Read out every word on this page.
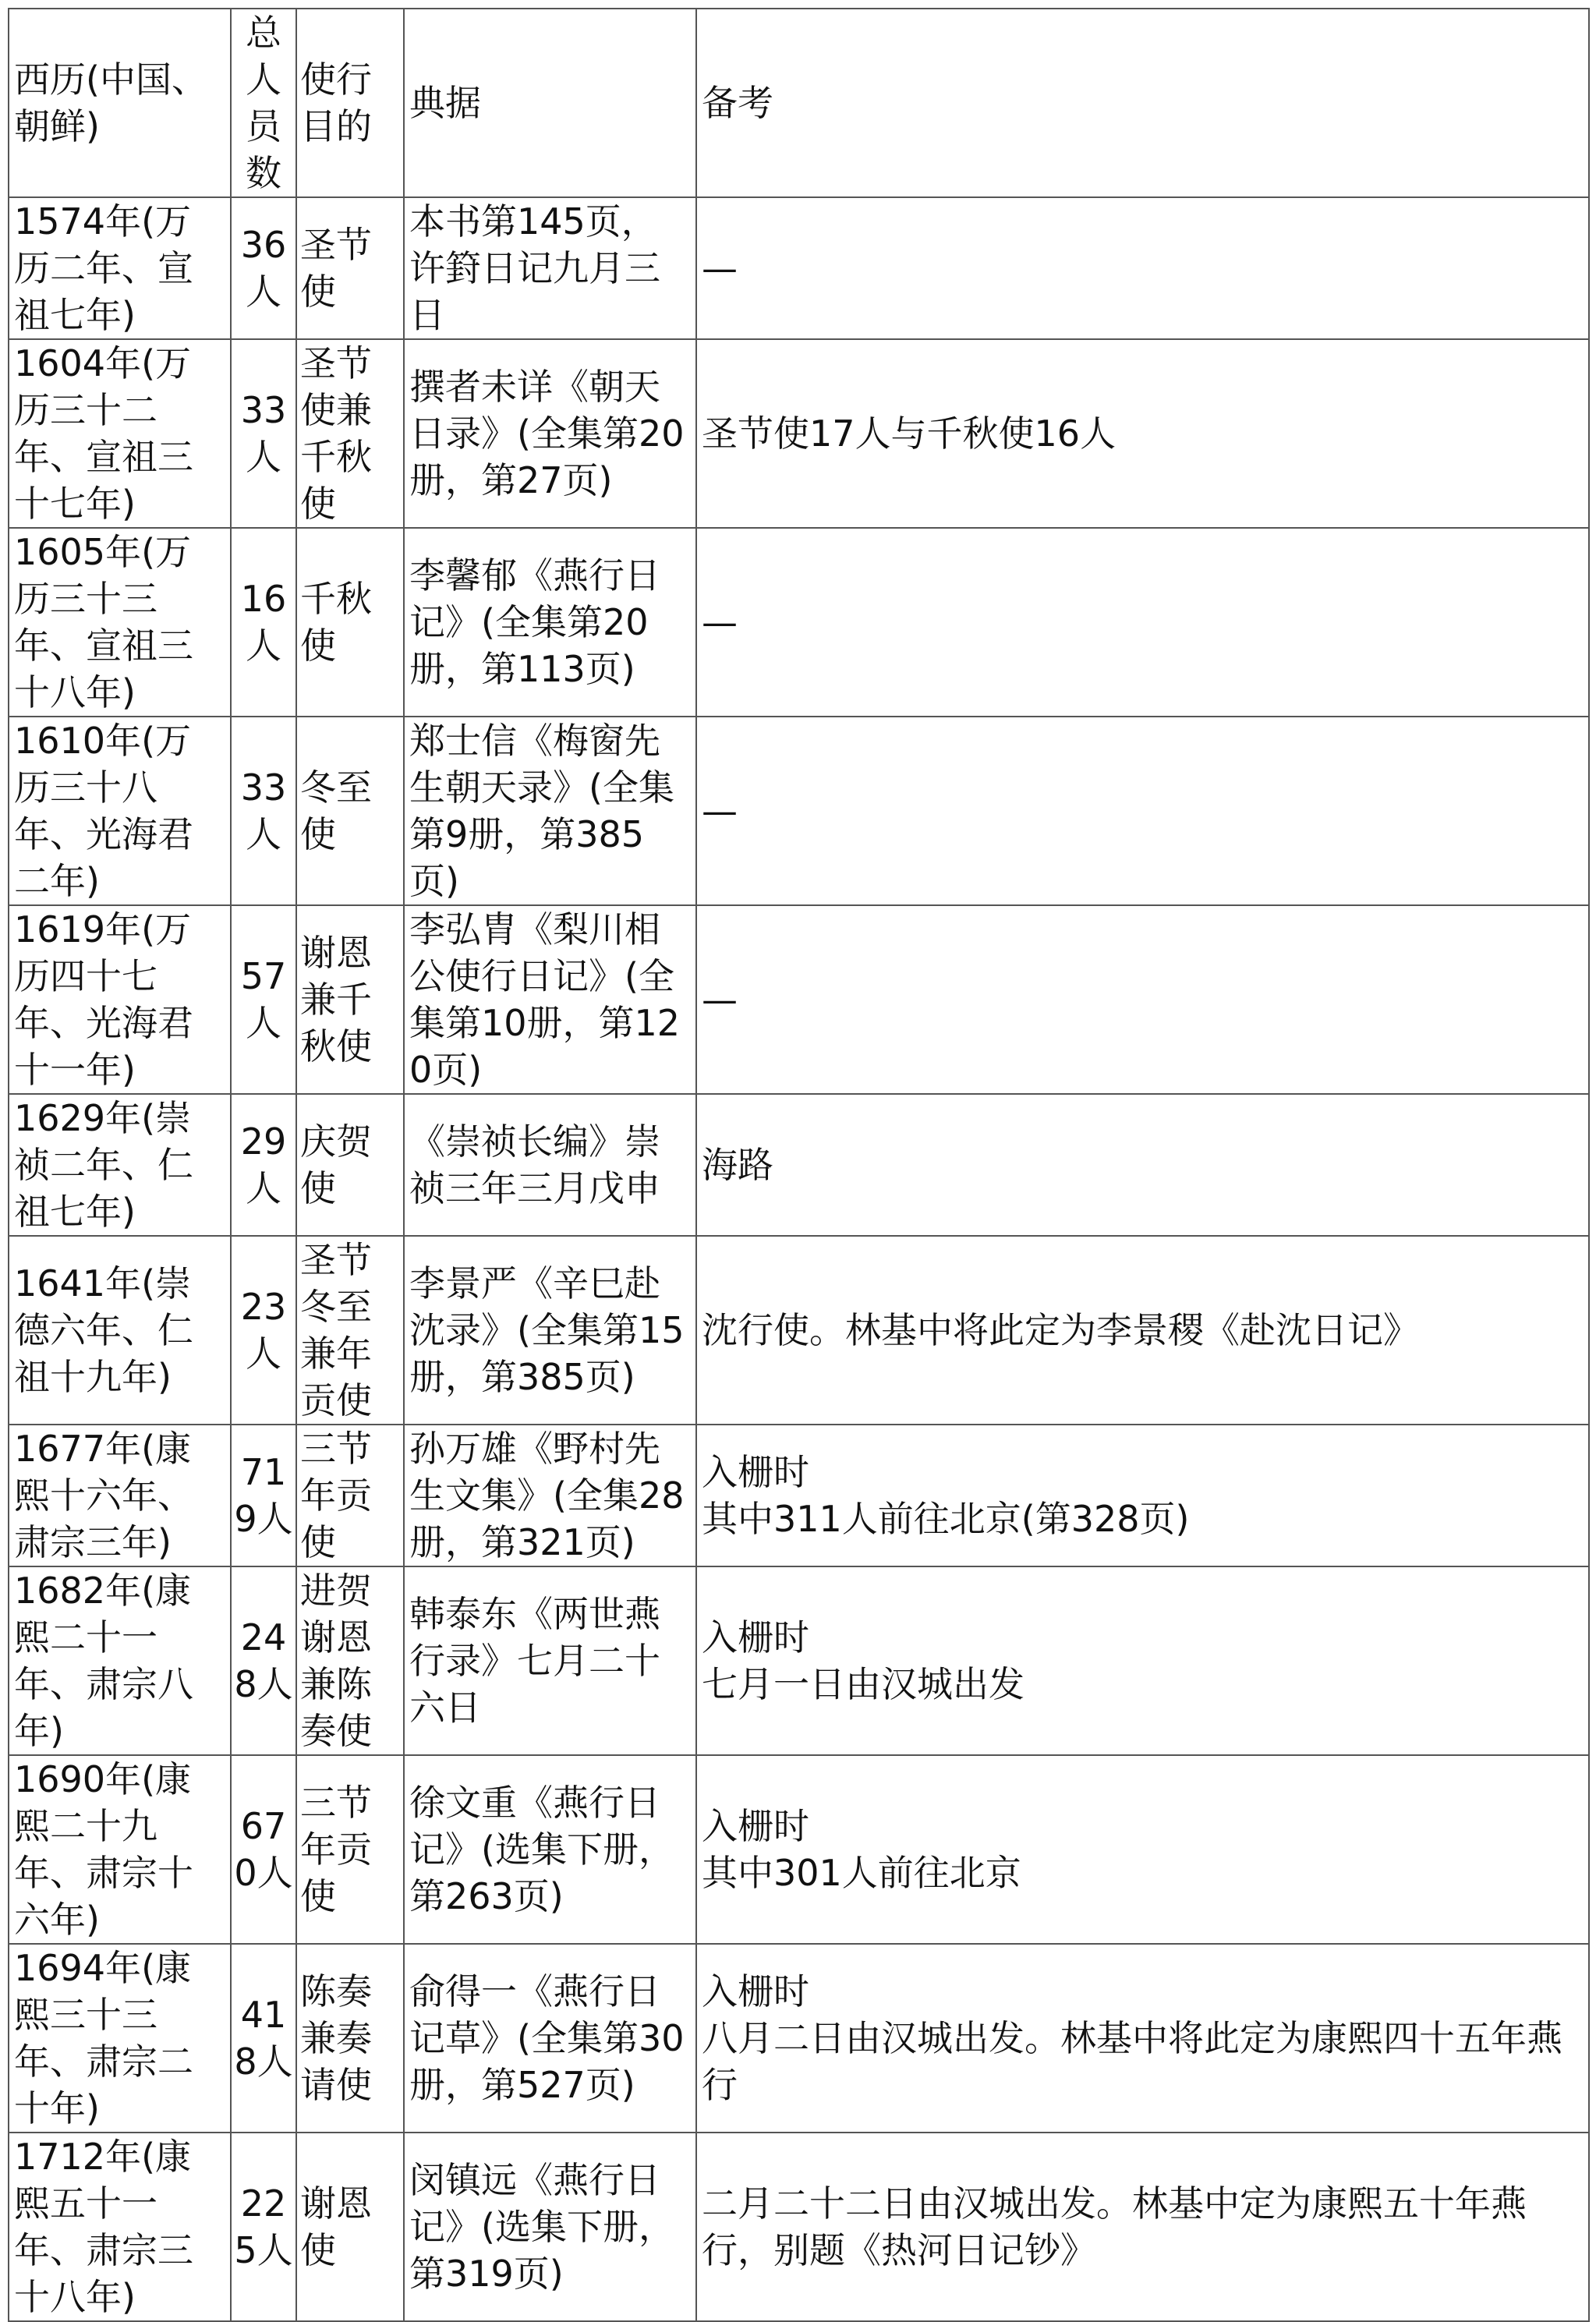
西历(中国、 朝鲜)	总人员数	使行目的	典据	备考
1574年(万历二年、宣祖七年)	36人	圣节使	本书第145页，许篈日记九月三日	—
1604年(万历三十二年、宣祖三十七年)	33人	圣节使兼千秋使	撰者未详《朝天日录》(全集第20册，第27页)	圣节使17人与千秋使16人
1605年(万历三十三年、宣祖三十八年)	16人	千秋使	李馨郁《燕行日记》(全集第20册，第113页)	—
1610年(万历三十八年、光海君二年)	33人	冬至使	郑士信《梅窗先生朝天录》(全集第9册，第385页)	—
1619年(万历四十七年、光海君十一年)	57人	谢恩兼千秋使	李弘胄《梨川相公使行日记》(全集第10册，第120页)	—
1629年(崇祯二年、仁祖七年)	29人	庆贺使	《崇祯长编》崇祯三年三月戊申	海路
1641年(崇德六年、仁祖十九年)	23人	圣节冬至兼年贡使	李景严《辛巳赴沈录》(全集第15册，第385页)	沈行使。林基中将此定为李景稷《赴沈日记》
1677年(康熙十六年、肃宗三年)	719人	三节年贡使	孙万雄《野村先生文集》(全集28册，第321页)	入栅时
其中311人前往北京(第328页)
1682年(康熙二十一年、肃宗八年)	248人	进贺谢恩兼陈奏使	韩泰东《两世燕行录》七月二十六日	入栅时
七月一日由汉城出发
1690年(康熙二十九年、肃宗十六年)	670人	三节年贡使	徐文重《燕行日记》(选集下册，第263页)	入栅时
其中301人前往北京
1694年(康熙三十三年、肃宗二十年)	418人	陈奏兼奏请使	俞得一《燕行日记草》(全集第30册，第527页)	入栅时
八月二日由汉城出发。林基中将此定为康熙四十五年燕行
1712年(康熙五十一年、肃宗三十八年)	225人	谢恩使	闵镇远《燕行日记》(选集下册，第319页)	二月二十二日由汉城出发。林基中定为康熙五十年燕行，别题《热河日记钞》
